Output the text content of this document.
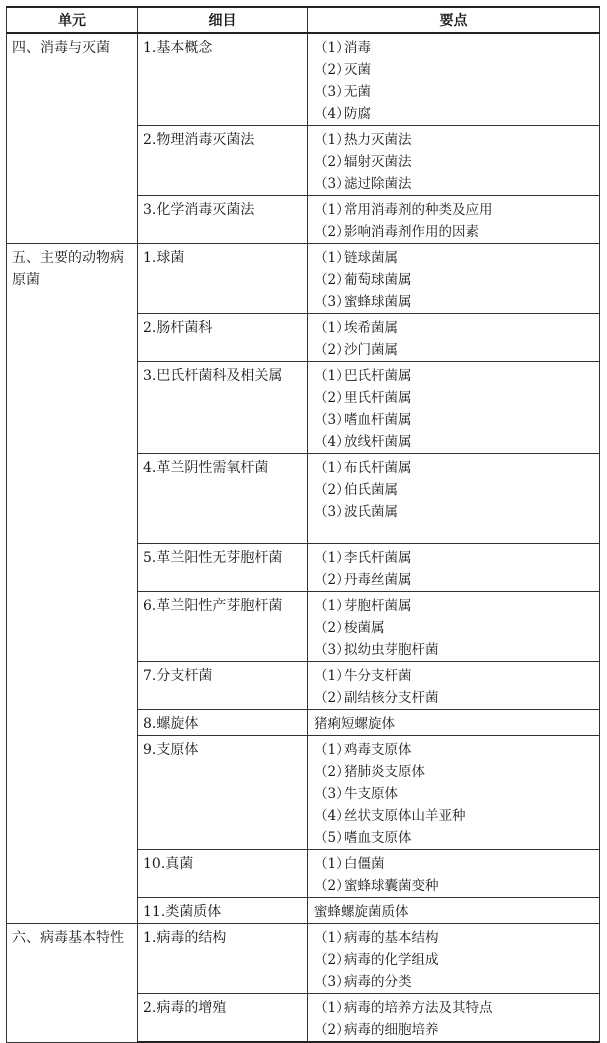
单元	细目	要点
四、消毒与灭菌	1.基本概念	（1）消毒
（2）灭菌
（3）无菌
（4）防腐

	2.物理消毒灭菌法	（1）热力灭菌法
（2）辐射灭菌法
（3）滤过除菌法

	3.化学消毒灭菌法	（1）常用消毒剂的种类及应用
（2）影响消毒剂作用的因素

五、主要的动物病原菌	1.球菌	（1）链球菌属
（2）葡萄球菌属
（3）蜜蜂球菌属

	2.肠杆菌科	（1）埃希菌属
（2）沙门菌属

	3.巴氏杆菌科及相关属	（1）巴氏杆菌属
（2）里氏杆菌属
（3）嗜血杆菌属
（4）放线杆菌属

	4.革兰阴性需氧杆菌	（1）布氏杆菌属
（2）伯氏菌属
（3）波氏菌属

	5.革兰阳性无芽胞杆菌	（1）李氏杆菌属
（2）丹毒丝菌属

	6.革兰阳性产芽胞杆菌	（1）芽胞杆菌属
（2）梭菌属
（3）拟幼虫芽胞杆菌

	7.分支杆菌	（1）牛分支杆菌
（2）副结核分支杆菌

	8.螺旋体	猪痢短螺旋体

	9.支原体	（1）鸡毒支原体
（2）猪肺炎支原体
（3）牛支原体
（4）丝状支原体山羊亚种
（5）嗜血支原体

	10.真菌	（1）白僵菌
（2）蜜蜂球囊菌变种

	11.类菌质体	蜜蜂螺旋菌质体

六、病毒基本特性	1.病毒的结构	（1）病毒的基本结构
（2）病毒的化学组成
（3）病毒的分类

	2.病毒的增殖	（1）病毒的培养方法及其特点
（2）病毒的细胞培养
